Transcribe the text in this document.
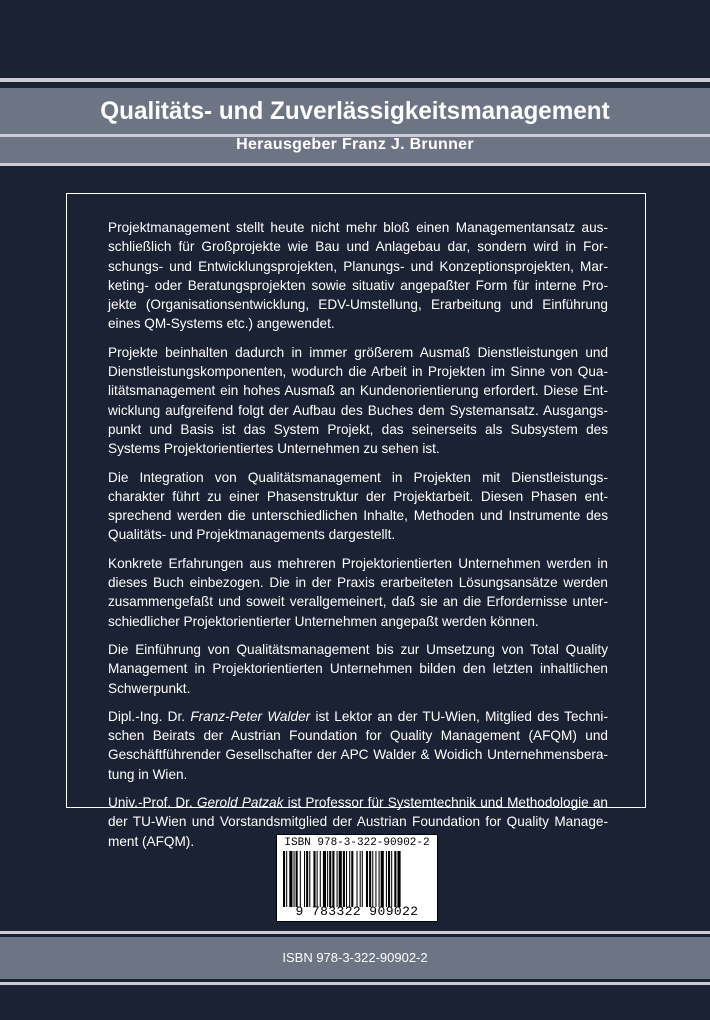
Qualitäts- und Zuverlässigkeitsmanagement
Herausgeber Franz J. Brunner

Projektmanagement stellt heute nicht mehr bloß einen Managementansatz ausschließlich für Großprojekte wie Bau und Anlagebau dar, sondern wird in Forschungs- und Entwicklungsprojekten, Planungs- und Konzeptionsprojekten, Marketing- oder Beratungsprojekten sowie situativ angepaßter Form für interne Projekte (Organisationsentwicklung, EDV-Umstellung, Erarbeitung und Einführung eines QM-Systems etc.) angewendet.

Projekte beinhalten dadurch in immer größerem Ausmaß Dienstleistungen und Dienstleistungskomponenten, wodurch die Arbeit in Projekten im Sinne von Qualitätsmanagement ein hohes Ausmaß an Kundenorientierung erfordert. Diese Entwicklung aufgreifend folgt der Aufbau des Buches dem Systemansatz. Ausgangspunkt und Basis ist das System Projekt, das seinerseits als Subsystem des Systems Projektorientiertes Unternehmen zu sehen ist.

Die Integration von Qualitätsmanagement in Projekten mit Dienstleistungscharakter führt zu einer Phasenstruktur der Projektarbeit. Diesen Phasen entsprechend werden die unterschiedlichen Inhalte, Methoden und Instrumente des Qualitäts- und Projektmanagements dargestellt.

Konkrete Erfahrungen aus mehreren Projektorientierten Unternehmen werden in dieses Buch einbezogen. Die in der Praxis erarbeiteten Lösungsansätze werden zusammengefaßt und soweit verallgemeinert, daß sie an die Erfordernisse unterschiedlicher Projektorientierter Unternehmen angepaßt werden können.

Die Einführung von Qualitätsmanagement bis zur Umsetzung von Total Quality Management in Projektorientierten Unternehmen bilden den letzten inhaltlichen Schwerpunkt.

Dipl.-Ing. Dr. Franz-Peter Walder ist Lektor an der TU-Wien, Mitglied des Technischen Beirats der Austrian Foundation for Quality Management (AFQM) und Geschäftführender Gesellschafter der APC Walder & Woidich Unternehmensberatung in Wien.

Univ.-Prof. Dr. Gerold Patzak ist Professor für Systemtechnik und Methodologie an der TU-Wien und Vorstandsmitglied der Austrian Foundation for Quality Management (AFQM).	ISBN 978-3-322-90902-2
9 783322 909022
ISBN 978-3-322-90902-2
